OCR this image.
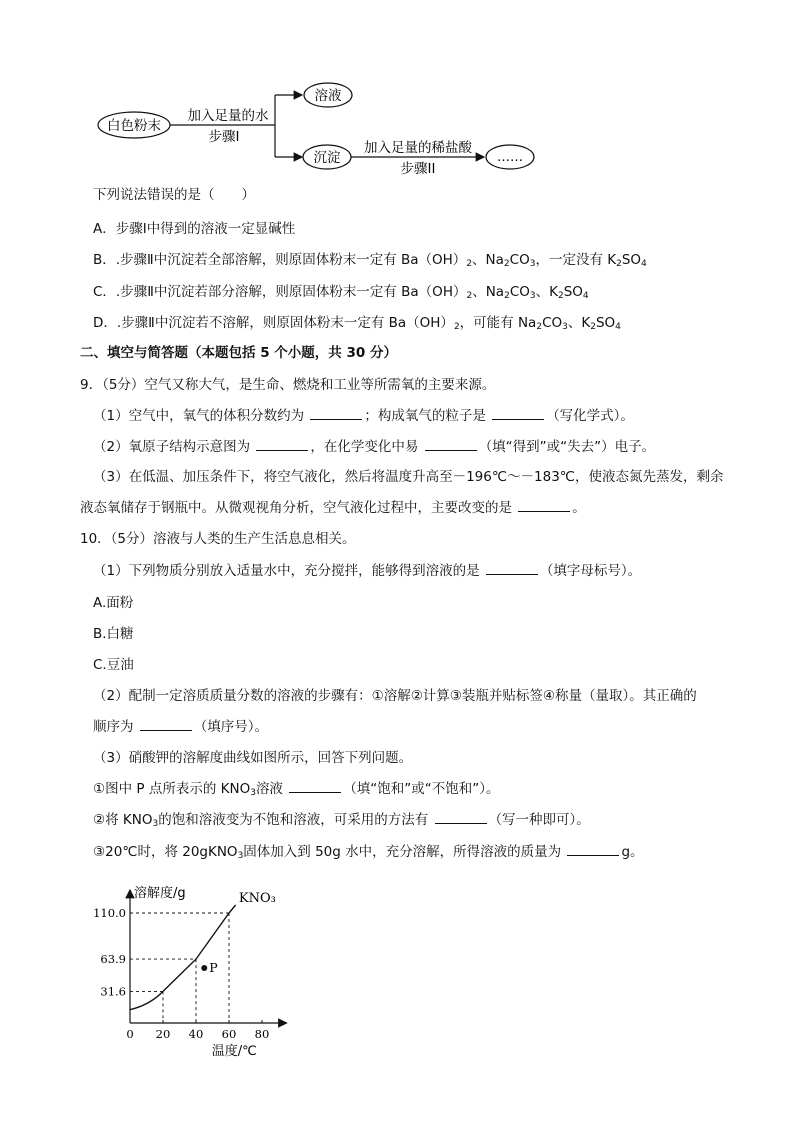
白色粉末
加入足量的水
步骤Ⅰ
溶液
沉淀
加入足量的稀盐酸
步骤II
……
下列说法错误的是（　　）
A．步骤Ⅰ中得到的溶液一定显碱性
B．.步骤Ⅱ中沉淀若全部溶解，则原固体粉末一定有 $Ba(OH)_2$、$Na_2CO_3$，一定没有 $K_2SO_4$
C．.步骤Ⅱ中沉淀若部分溶解，则原固体粉末一定有 $Ba(OH)_2$、$Na_2CO_3$、$K_2SO_4$
D．.步骤Ⅱ中沉淀若不溶解，则原固体粉末一定有 $Ba(OH)_2$，可能有 $Na_2CO_3$、$K_2SO_4$
二、填空与简答题（本题包括 5 个小题，共 30 分）
9．（5分）空气又称大气，是生命、燃烧和工业等所需氧的主要来源。
（1）空气中，氧气的体积分数约为	；构成氧气的粒子是	（写化学式）。
（2）氧原子结构示意图为	，在化学变化中易	（填“得到”或“失去”）电子。
（3）在低温、加压条件下，将空气液化，然后将温度升高至－196℃～－183℃，使液态氮先蒸发，剩余
液态氧储存于钢瓶中。从微观视角分析，空气液化过程中，主要改变的是	。
10．（5分）溶液与人类的生产生活息息相关。
（1）下列物质分别放入适量水中，充分搅拌，能够得到溶液的是	（填字母标号）。
A.面粉
B.白糖
C.豆油
（2）配制一定溶质质量分数的溶液的步骤有：①溶解②计算③装瓶并贴标签④称量（量取）。其正确的
顺序为	（填序号）。
（3）硝酸钾的溶解度曲线如图所示，回答下列问题。
①图中 P 点所表示的 $KNO_3$溶液	（填“饱和”或“不饱和”）。
②将 $KNO_3$的饱和溶液变为不饱和溶液，可采用的方法有	（写一种即可）。
③20℃时，将 20gKNO$_3$固体加入到 50g 水中，充分溶解，所得溶液的质量为	g。
溶解度/g
温度/℃
0 20 40 60 80
31.6
63.9
110.0
KNO₃
P
